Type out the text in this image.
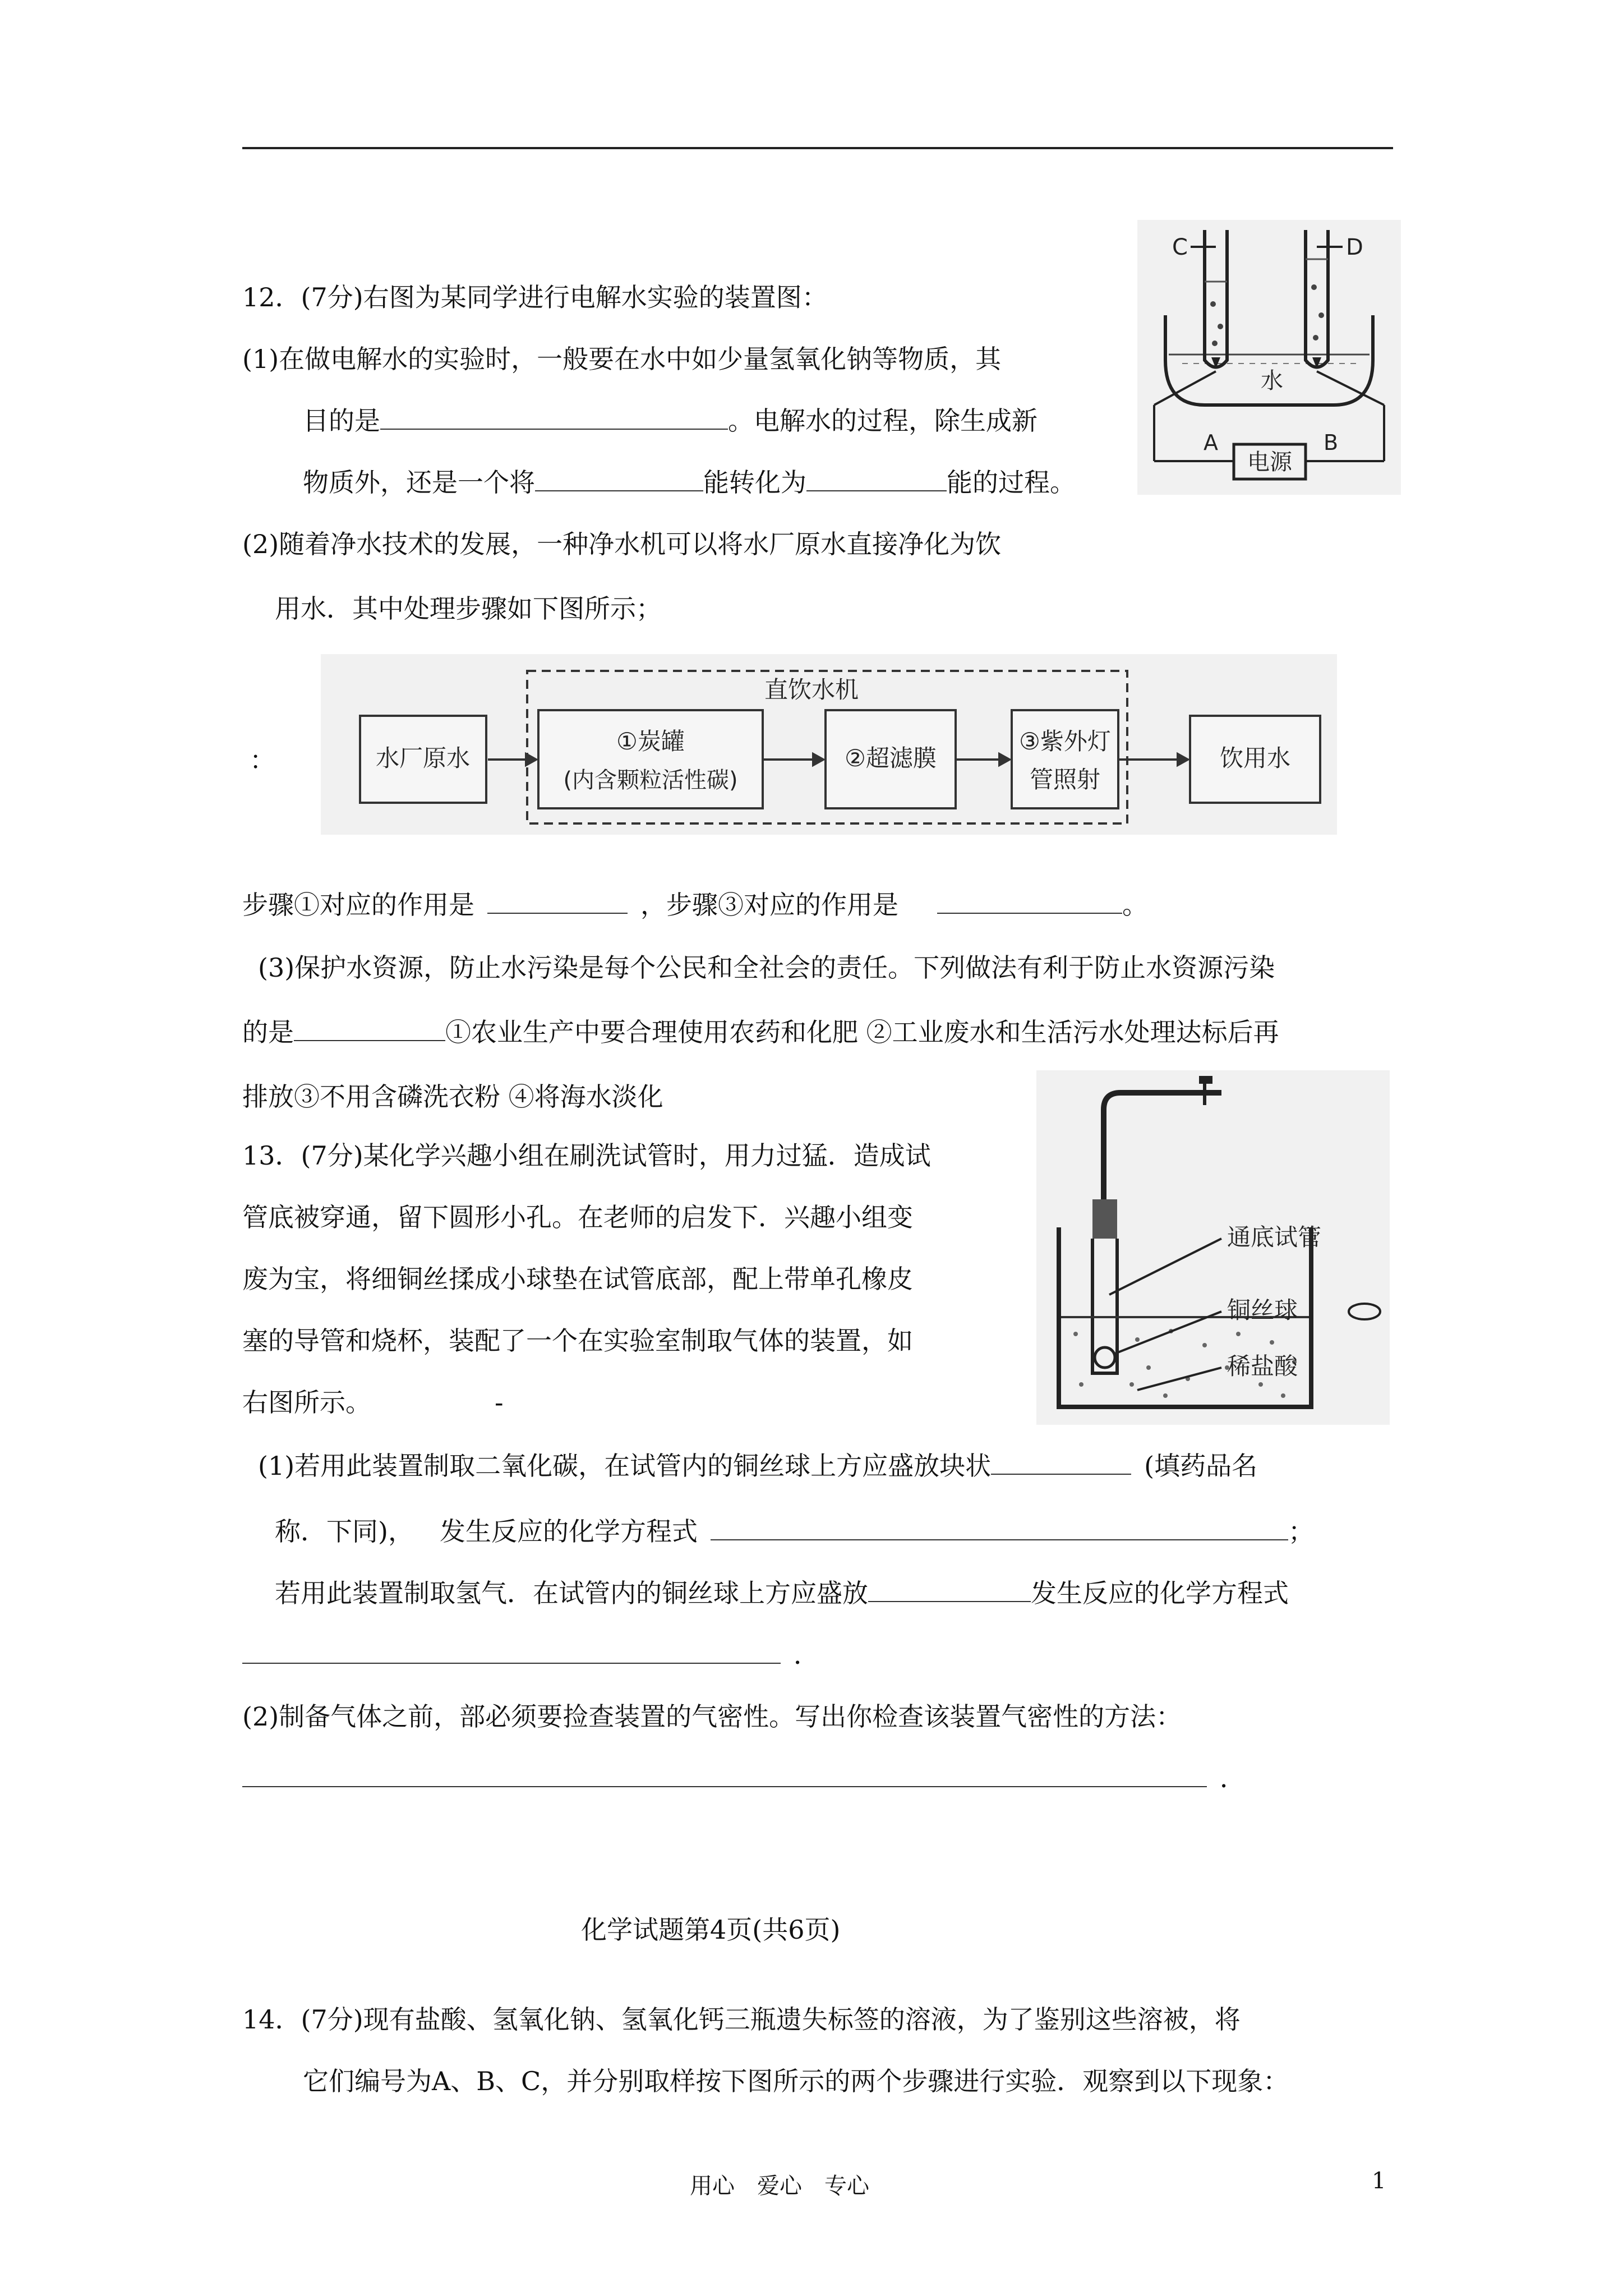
12．(7分)右图为某同学进行电解水实验的装置图：
(1)在做电解水的实验时，一般要在水中如少量氢氧化钠等物质，其
目的是	。电解水的过程，除生成新
物质外，还是一个将	能转化为	能的过程。
(2)随着净水技术的发展，一种净水机可以将水厂原水直接净化为饮
用水．其中处理步骤如下图所示；
C	D
水
A	B
电源
：
直饮水机
水厂原水
①炭罐
(内含颗粒活性碳)
②超滤膜
③紫外灯
管照射
饮用水
步骤①对应的作用是  	，步骤③对应的作用是  	。
(3)保护水资源，防止水污染是每个公民和全社会的责任。下列做法有利于防止水资源污染
的是	①农业生产中要合理使用农药和化肥 ②工业废水和生活污水处理达标后再
排放③不用含磷洗衣粉 ④将海水淡化
13．(7分)某化学兴趣小组在刷洗试管时，用力过猛．造成试
管底被穿通，留下圆形小孔。在老师的启发下．兴趣小组变
废为宝，将细铜丝揉成小球垫在试管底部，配上带单孔橡皮
塞的导管和烧杯，装配了一个在实验室制取气体的装置，如
右图所示。	-
通底试管
铜丝球
稀盐酸
(1)若用此装置制取二氧化碳，在试管内的铜丝球上方应盛放块状 	(填药品名
称．下同)，  发生反应的化学方程式 	；
若用此装置制取氢气．在试管内的铜丝球上方应盛放	发生反应的化学方程式
 ．
(2)制备气体之前，部必须要捡查装置的气密性。写出你检查该装置气密性的方法：
 ．
化学试题第4页(共6页)
14．(7分)现有盐酸、氢氧化钠、氢氧化钙三瓶遗失标签的溶液，为了鉴别这些溶被，将
它们编号为A、B、C，并分别取样按下图所示的两个步骤进行实验．观察到以下现象：
用心　爱心　专心	1
